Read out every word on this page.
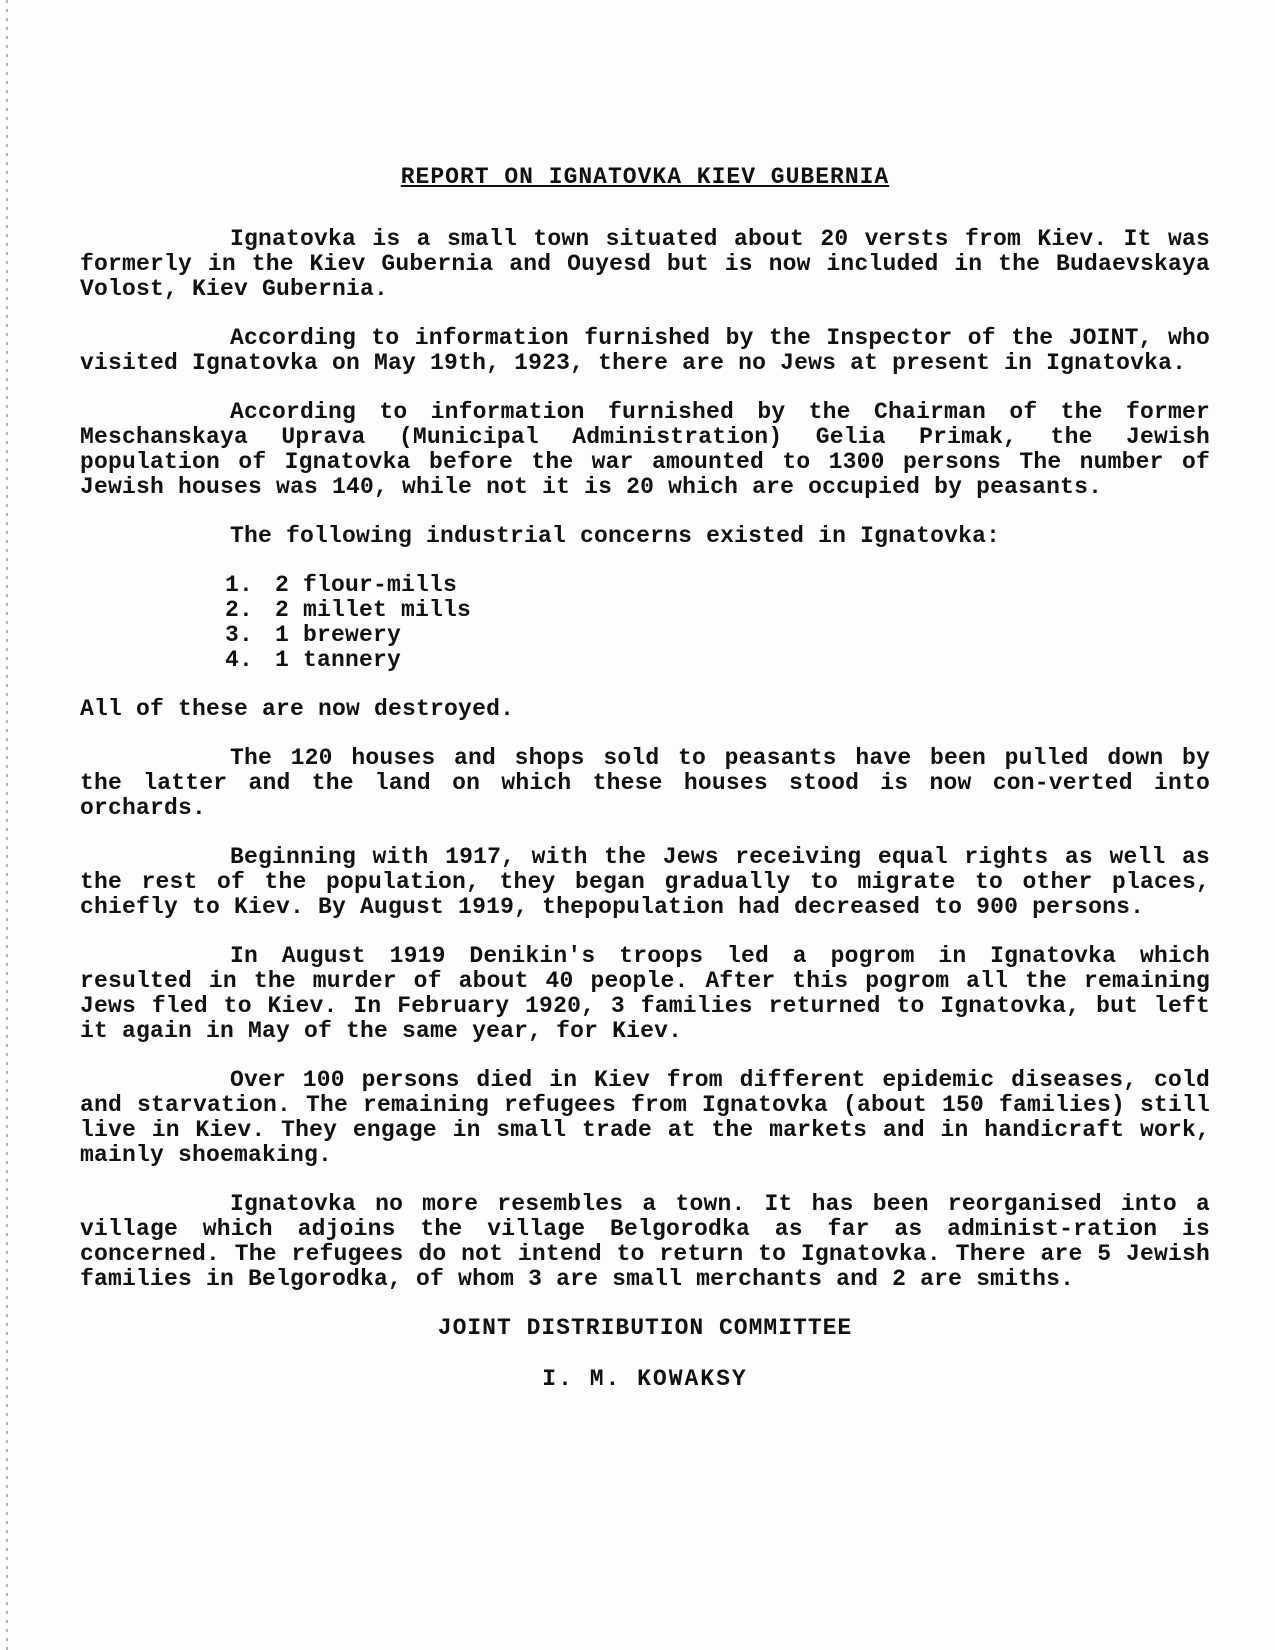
REPORT ON IGNATOVKA KIEV GUBERNIA

Ignatovka is a small town situated about 20 versts from Kiev. It was formerly in the Kiev Gubernia and Ouyesd but is now included in the Budaevskaya Volost, Kiev Gubernia.

According to information furnished by the Inspector of the JOINT, who visited Ignatovka on May 19th, 1923, there are no Jews at present in Ignatovka.

According to information furnished by the Chairman of the former Meschanskaya Uprava (Municipal Administration) Gelia Primak, the Jewish population of Ignatovka before the war amounted to 1300 persons The number of Jewish houses was 140, while not it is 20 which are occupied by peasants.

The following industrial concerns existed in Ignatovka:

1. 2 flour-mills
2. 2 millet mills
3. 1 brewery
4. 1 tannery

All of these are now destroyed.

The 120 houses and shops sold to peasants have been pulled down by the latter and the land on which these houses stood is now con-verted into orchards.

Beginning with 1917, with the Jews receiving equal rights as well as the rest of the population, they began gradually to migrate to other places, chiefly to Kiev. By August 1919, thepopulation had decreased to 900 persons.

In August 1919 Denikin's troops led a pogrom in Ignatovka which resulted in the murder of about 40 people. After this pogrom all the remaining Jews fled to Kiev. In February 1920, 3 families returned to Ignatovka, but left it again in May of the same year, for Kiev.

Over 100 persons died in Kiev from different epidemic diseases, cold and starvation. The remaining refugees from Ignatovka (about 150 families) still live in Kiev. They engage in small trade at the markets and in handicraft work, mainly shoemaking.

Ignatovka no more resembles a town. It has been reorganised into a village which adjoins the village Belgorodka as far as administ-ration is concerned. The refugees do not intend to return to Ignatovka. There are 5 Jewish families in Belgorodka, of whom 3 are small merchants and 2 are smiths.

JOINT DISTRIBUTION COMMITTEE
I. M. KOWAKSY
